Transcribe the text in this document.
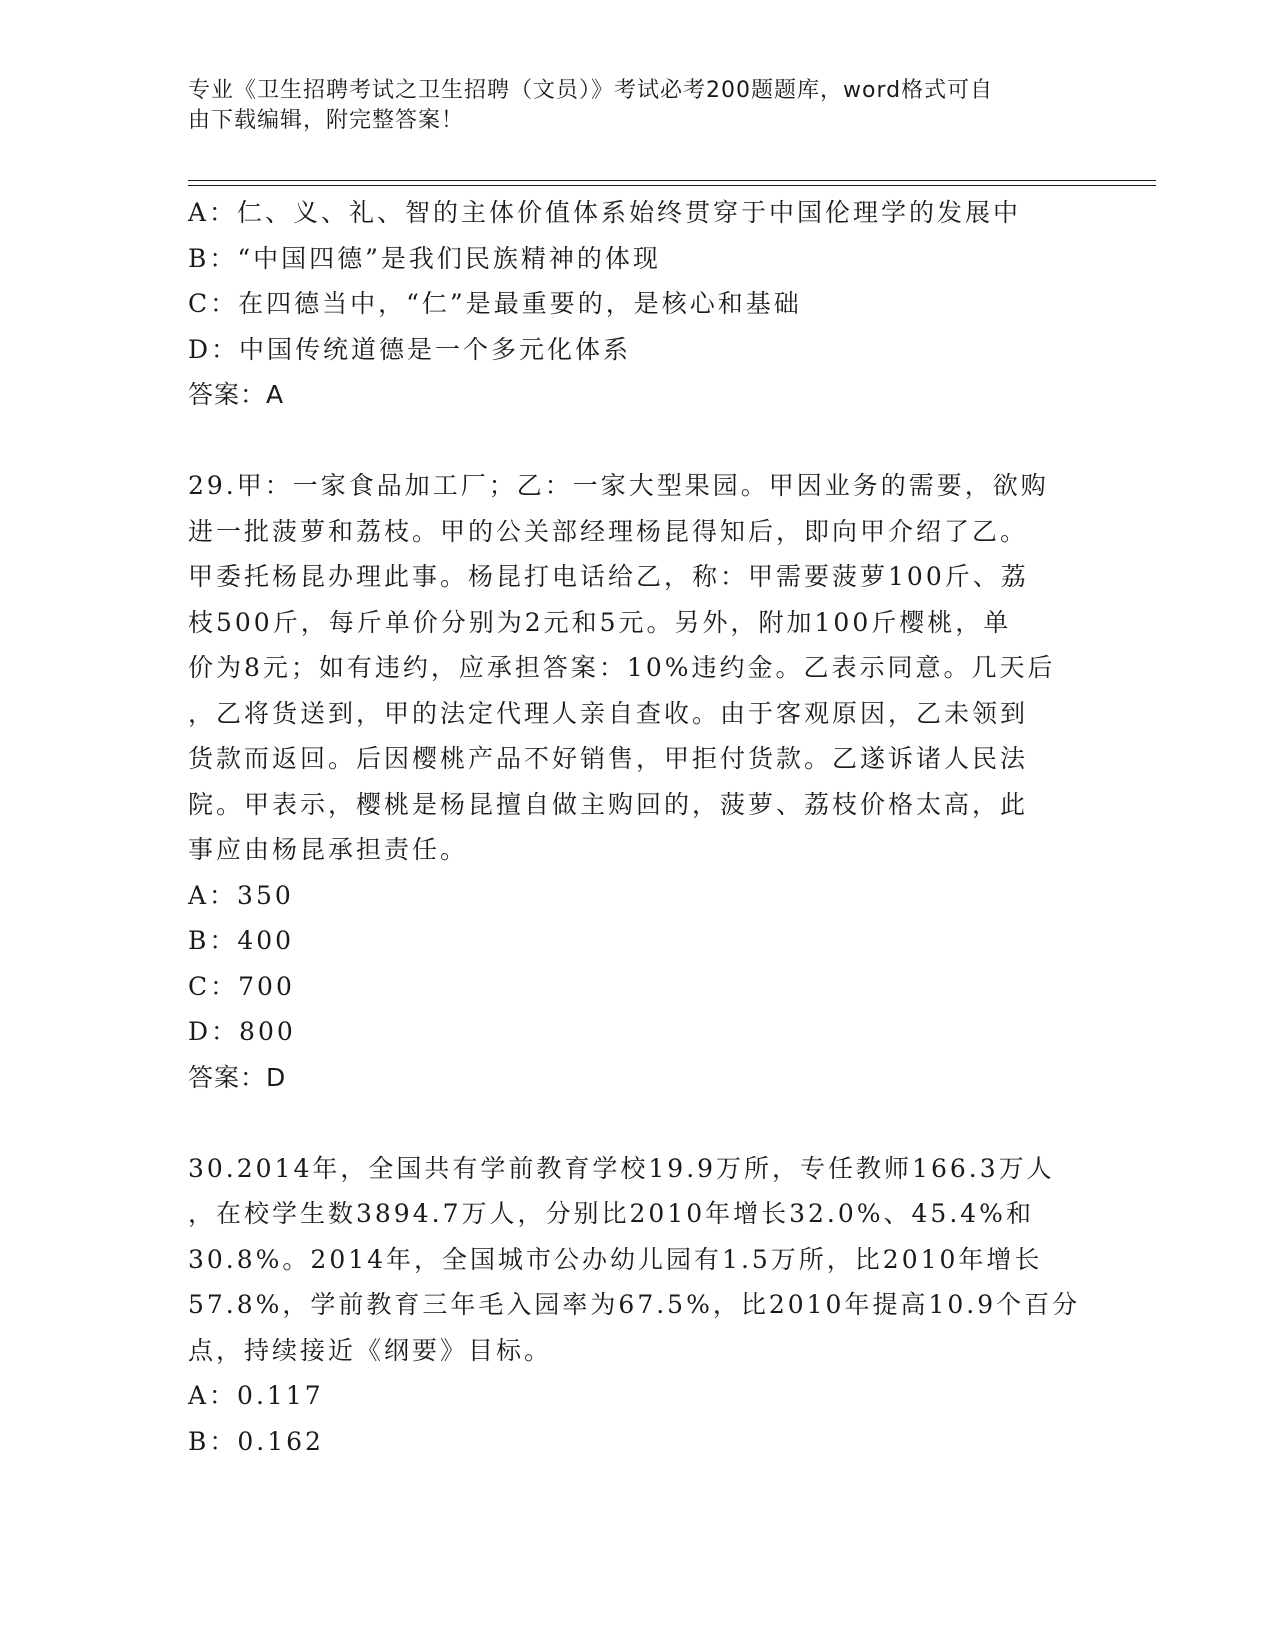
专业《卫生招聘考试之卫生招聘（文员）》考试必考200题题库，word格式可自
由下载编辑，附完整答案！
A：仁、义、礼、智的主体价值体系始终贯穿于中国伦理学的发展中
B：“中国四德”是我们民族精神的体现
C：在四德当中，“仁”是最重要的，是核心和基础
D：中国传统道德是一个多元化体系
答案：A
29.甲：一家食品加工厂；乙：一家大型果园。甲因业务的需要，欲购
进一批菠萝和荔枝。甲的公关部经理杨昆得知后，即向甲介绍了乙。
甲委托杨昆办理此事。杨昆打电话给乙，称：甲需要菠萝100斤、荔
枝500斤，每斤单价分别为2元和5元。另外，附加100斤樱桃，单
价为8元；如有违约，应承担答案：10%违约金。乙表示同意。几天后
，乙将货送到，甲的法定代理人亲自查收。由于客观原因，乙未领到
货款而返回。后因樱桃产品不好销售，甲拒付货款。乙遂诉诸人民法
院。甲表示，樱桃是杨昆擅自做主购回的，菠萝、荔枝价格太高，此
事应由杨昆承担责任。
A：350
B：400
C：700
D：800
答案：D
30.2014年，全国共有学前教育学校19.9万所，专任教师166.3万人
，在校学生数3894.7万人，分别比2010年增长32.0%、45.4%和
30.8%。2014年，全国城市公办幼儿园有1.5万所，比2010年增长
57.8%，学前教育三年毛入园率为67.5%，比2010年提高10.9个百分
点，持续接近《纲要》目标。
A：0.117
B：0.162
